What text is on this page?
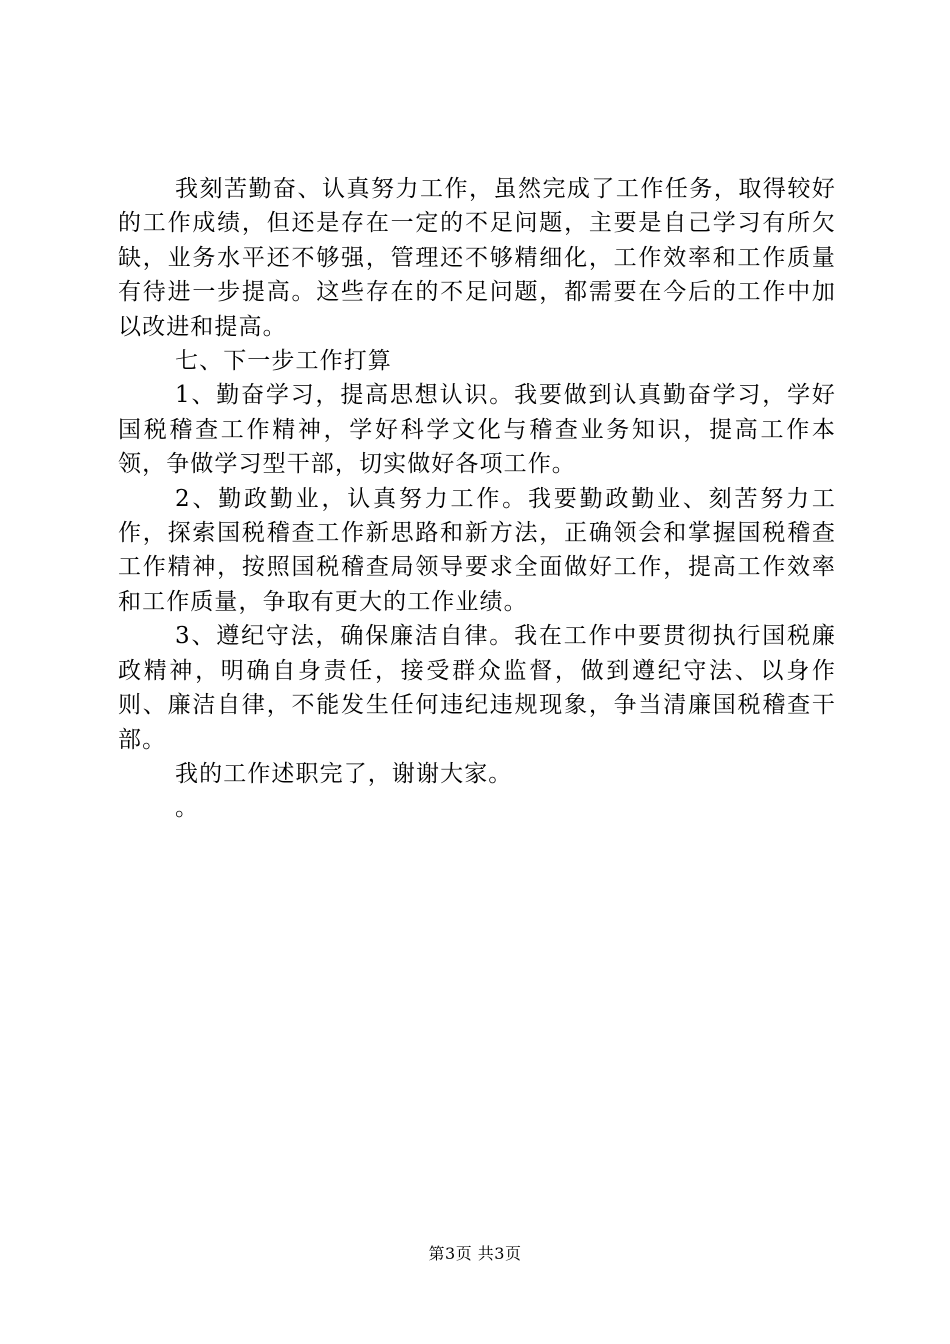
我刻苦勤奋、认真努力工作，虽然完成了工作任务，取得较好的工作成绩，但还是存在一定的不足问题，主要是自己学习有所欠缺，业务水平还不够强，管理还不够精细化，工作效率和工作质量有待进一步提高。这些存在的不足问题，都需要在今后的工作中加以改进和提高。

七、下一步工作打算

1、勤奋学习，提高思想认识。我要做到认真勤奋学习，学好国税稽查工作精神，学好科学文化与稽查业务知识，提高工作本领，争做学习型干部，切实做好各项工作。

2、勤政勤业，认真努力工作。我要勤政勤业、刻苦努力工作，探索国税稽查工作新思路和新方法，正确领会和掌握国税稽查工作精神，按照国税稽查局领导要求全面做好工作，提高工作效率和工作质量，争取有更大的工作业绩。

3、遵纪守法，确保廉洁自律。我在工作中要贯彻执行国税廉政精神，明确自身责任，接受群众监督，做到遵纪守法、以身作则、廉洁自律，不能发生任何违纪违规现象，争当清廉国税稽查干部。

我的工作述职完了，谢谢大家。

。

第3页 共3页
